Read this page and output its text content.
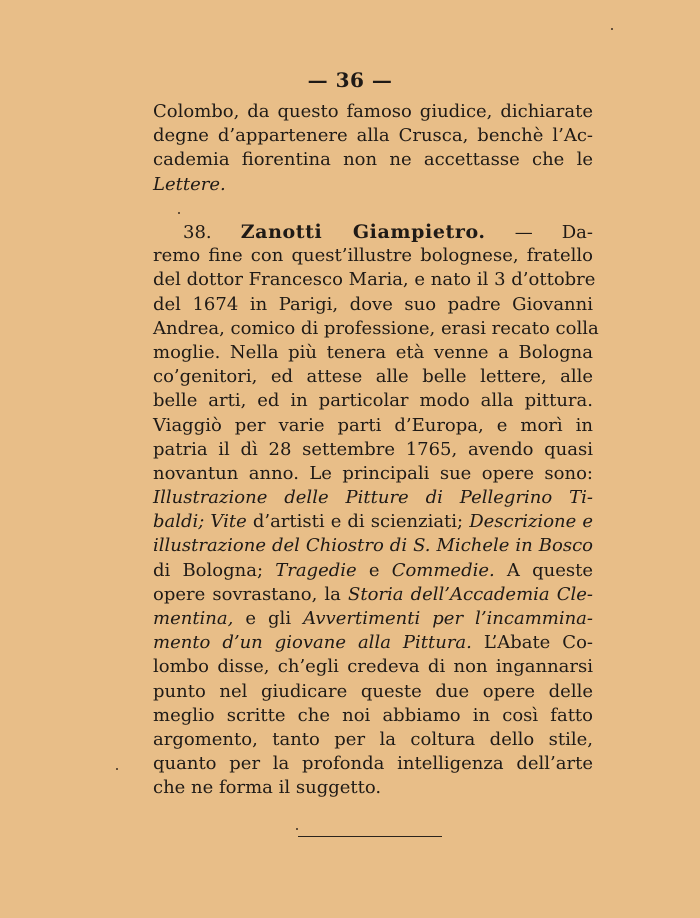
— 36 —
Colombo, da questo famoso giudice, dichiarate
degne d’appartenere alla Crusca, benchè l’Ac-
cademia fiorentina non ne accettasse che le
Lettere.
38. Zanotti Giampietro. — Da-
remo fine con quest’illustre bolognese, fratello
del dottor Francesco Maria, e nato il 3 d’ottobre
del 1674 in Parigi, dove suo padre Giovanni
Andrea, comico di professione, erasi recato colla
moglie. Nella più tenera età venne a Bologna
co’genitori, ed attese alle belle lettere, alle
belle arti, ed in particolar modo alla pittura.
Viaggiò per varie parti d’Europa, e morì in
patria il dì 28 settembre 1765, avendo quasi
novantun anno. Le principali sue opere sono:
Illustrazione delle Pitture di Pellegrino Ti-
baldi; Vite d’artisti e di scienziati; Descrizione e
illustrazione del Chiostro di S. Michele in Bosco
di Bologna; Tragedie e Commedie. A queste
opere sovrastano, la Storia dell’Accademia Cle-
mentina, e gli Avvertimenti per l’incammina-
mento d’un giovane alla Pittura. L’Abate Co-
lombo disse, ch’egli credeva di non ingannarsi
punto nel giudicare queste due opere delle
meglio scritte che noi abbiamo in così fatto
argomento, tanto per la coltura dello stile,
quanto per la profonda intelligenza dell’arte
che ne forma il suggetto.
